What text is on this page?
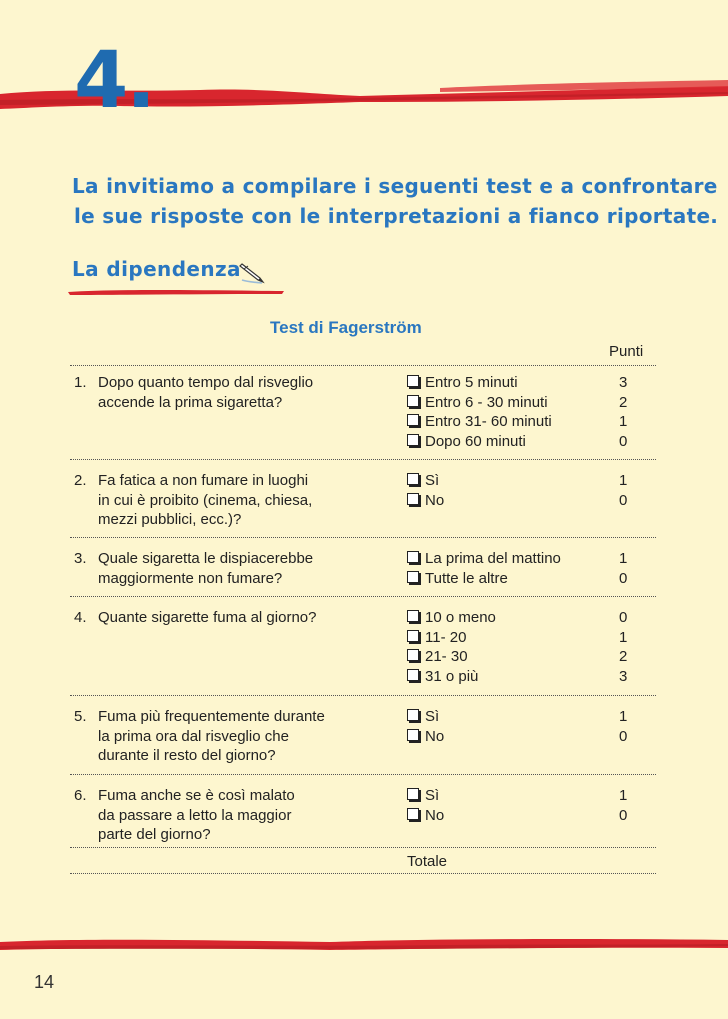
4.
La invitiamo a compilare i seguenti test e a confrontare
le sue risposte con le interpretazioni a fianco riportate.
La dipendenza
Test di Fagerström
Punti
1. Dopo quanto tempo dal risveglio
accende la prima sigaretta?
Entro 5 minuti
Entro 6 - 30 minuti
Entro 31- 60 minuti
Dopo 60 minuti
3
2
1
0
2. Fa fatica a non fumare in luoghi
in cui è proibito (cinema, chiesa,
mezzi pubblici, ecc.)?
Sì
No
1
0
3. Quale sigaretta le dispiacerebbe
maggiormente non fumare?
La prima del mattino
Tutte le altre
1
0
4. Quante sigarette fuma al giorno?	10 o meno
11- 20
21- 30
31 o più
0
1
2
3
5. Fuma più frequentemente durante
la prima ora dal risveglio che
durante il resto del giorno?
Sì
No
1
0
6. Fuma anche se è così malato
da passare a letto la maggior
parte del giorno?
Sì
No
1
0
Totale
14
